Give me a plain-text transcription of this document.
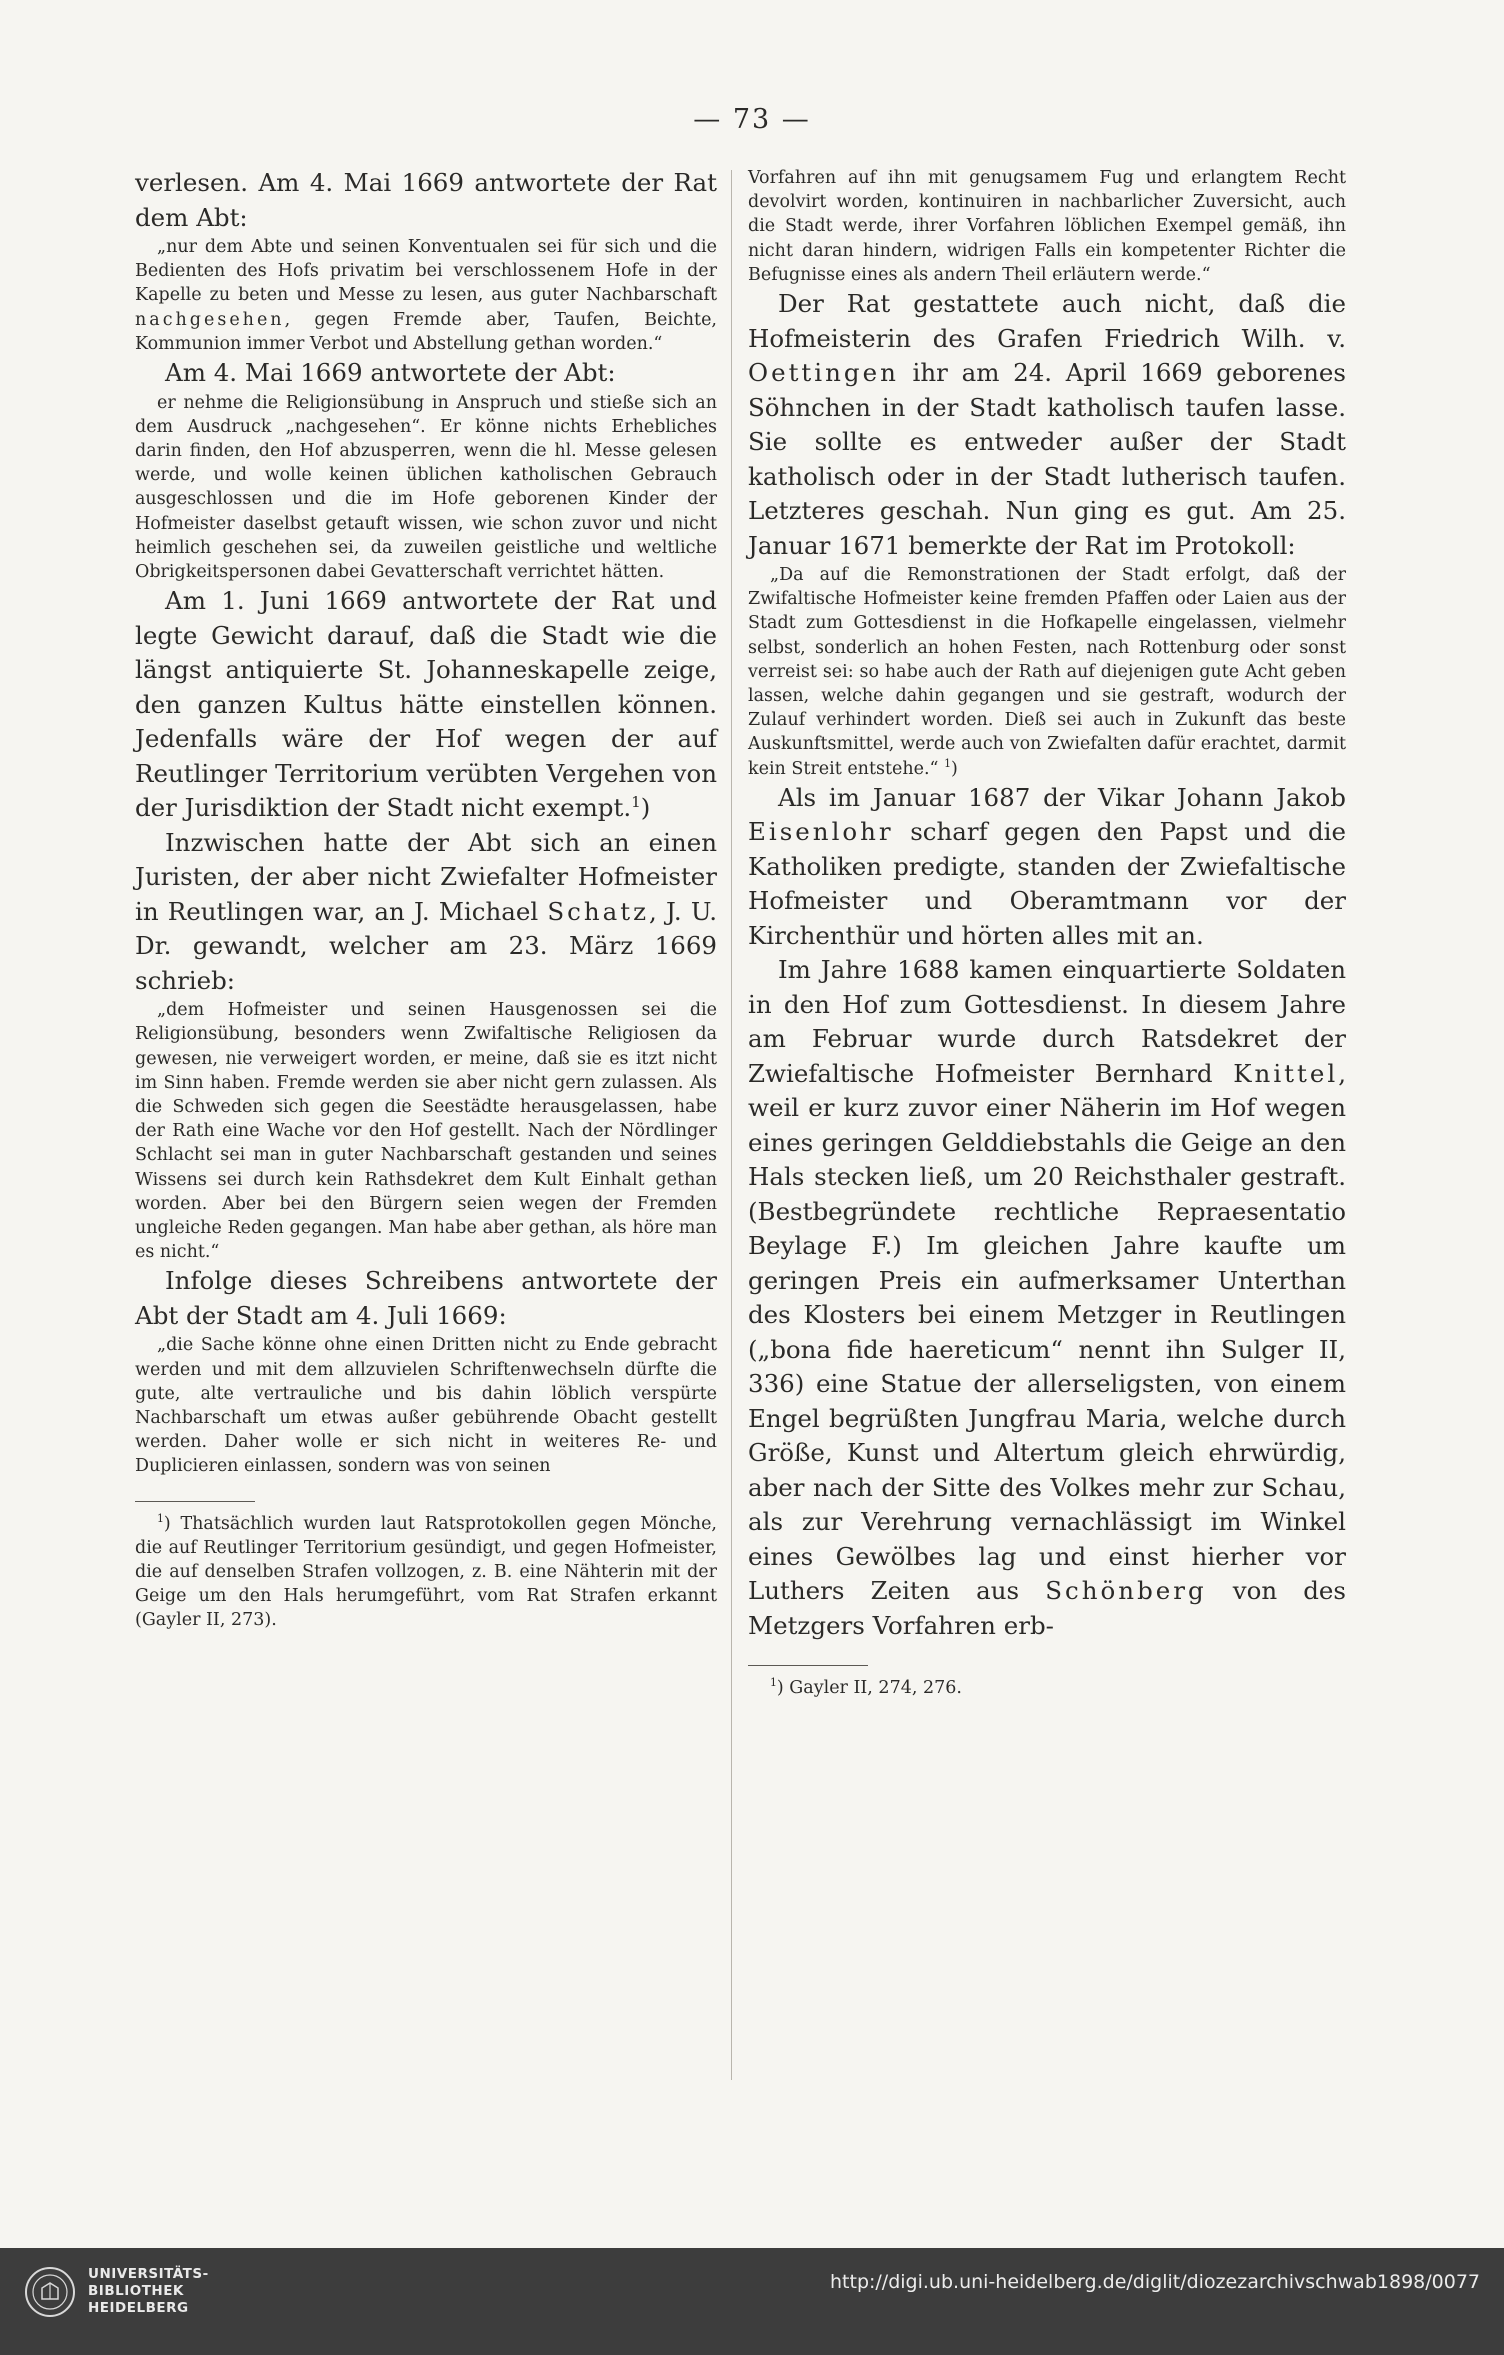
— 73 —

verlesen. Am 4. Mai 1669 antwortete der Rat dem Abt:

„nur dem Abte und seinen Konventualen sei für sich und die Bedienten des Hofs privatim bei verschlossenem Hofe in der Kapelle zu beten und Messe zu lesen, aus guter Nachbarschaft nachgesehen, gegen Fremde aber, Taufen, Beichte, Kommunion immer Verbot und Abstellung gethan worden.“

Am 4. Mai 1669 antwortete der Abt:

er nehme die Religionsübung in Anspruch und stieße sich an dem Ausdruck „nachgesehen“. Er könne nichts Erhebliches darin finden, den Hof abzusperren, wenn die hl. Messe gelesen werde, und wolle keinen üblichen katholischen Gebrauch ausgeschlossen und die im Hofe geborenen Kinder der Hofmeister daselbst getauft wissen, wie schon zuvor und nicht heimlich geschehen sei, da zuweilen geistliche und weltliche Obrigkeitspersonen dabei Gevatterschaft verrichtet hätten.

Am 1. Juni 1669 antwortete der Rat und legte Gewicht darauf, daß die Stadt wie die längst antiquierte St. Johanneskapelle zeige, den ganzen Kultus hätte einstellen können. Jedenfalls wäre der Hof wegen der auf Reutlinger Territorium verübten Vergehen von der Jurisdiktion der Stadt nicht exempt.$^1$)

Inzwischen hatte der Abt sich an einen Juristen, der aber nicht Zwiefalter Hofmeister in Reutlingen war, an J. Michael Schatz, J. U. Dr. gewandt, welcher am 23. März 1669 schrieb:

„dem Hofmeister und seinen Hausgenossen sei die Religionsübung, besonders wenn Zwifaltische Religiosen da gewesen, nie verweigert worden, er meine, daß sie es itzt nicht im Sinn haben. Fremde werden sie aber nicht gern zulassen. Als die Schweden sich gegen die Seestädte herausgelassen, habe der Rath eine Wache vor den Hof gestellt. Nach der Nördlinger Schlacht sei man in guter Nachbarschaft gestanden und seines Wissens sei durch kein Rathsdekret dem Kult Einhalt gethan worden. Aber bei den Bürgern seien wegen der Fremden ungleiche Reden gegangen. Man habe aber gethan, als höre man es nicht.“

Infolge dieses Schreibens antwortete der Abt der Stadt am 4. Juli 1669:

„die Sache könne ohne einen Dritten nicht zu Ende gebracht werden und mit dem allzuvielen Schriftenwechseln dürfte die gute, alte vertrauliche und bis dahin löblich verspürte Nachbarschaft um etwas außer gebührende Obacht gestellt werden. Daher wolle er sich nicht in weiteres Re- und Duplicieren einlassen, sondern was von seinen

$^1$) Thatsächlich wurden laut Ratsprotokollen gegen Mönche, die auf Reutlinger Territorium gesündigt, und gegen Hofmeister, die auf denselben Strafen vollzogen, z. B. eine Nähterin mit der Geige um den Hals herumgeführt, vom Rat Strafen erkannt (Gayler II, 273).

Vorfahren auf ihn mit genugsamem Fug und erlangtem Recht devolvirt worden, kontinuiren in nachbarlicher Zuversicht, auch die Stadt werde, ihrer Vorfahren löblichen Exempel gemäß, ihn nicht daran hindern, widrigen Falls ein kompetenter Richter die Befugnisse eines als andern Theil erläutern werde.“

Der Rat gestattete auch nicht, daß die Hofmeisterin des Grafen Friedrich Wilh. v. Oettingen ihr am 24. April 1669 geborenes Söhnchen in der Stadt katholisch taufen lasse. Sie sollte es entweder außer der Stadt katholisch oder in der Stadt lutherisch taufen. Letzteres geschah. Nun ging es gut. Am 25. Januar 1671 bemerkte der Rat im Protokoll:

„Da auf die Remonstrationen der Stadt erfolgt, daß der Zwifaltische Hofmeister keine fremden Pfaffen oder Laien aus der Stadt zum Gottesdienst in die Hofkapelle eingelassen, vielmehr selbst, sonderlich an hohen Festen, nach Rottenburg oder sonst verreist sei: so habe auch der Rath auf diejenigen gute Acht geben lassen, welche dahin gegangen und sie gestraft, wodurch der Zulauf verhindert worden. Dieß sei auch in Zukunft das beste Auskunftsmittel, werde auch von Zwiefalten dafür erachtet, darmit kein Streit entstehe.“ $^1$)

Als im Januar 1687 der Vikar Johann Jakob Eisenlohr scharf gegen den Papst und die Katholiken predigte, standen der Zwiefaltische Hofmeister und Oberamtmann vor der Kirchenthür und hörten alles mit an.

Im Jahre 1688 kamen einquartierte Soldaten in den Hof zum Gottesdienst. In diesem Jahre am Februar wurde durch Ratsdekret der Zwiefaltische Hofmeister Bernhard Knittel, weil er kurz zuvor einer Näherin im Hof wegen eines geringen Gelddiebstahls die Geige an den Hals stecken ließ, um 20 Reichsthaler gestraft. (Bestbegründete rechtliche Repraesentatio Beylage F.) Im gleichen Jahre kaufte um geringen Preis ein aufmerksamer Unterthan des Klosters bei einem Metzger in Reutlingen („bona fide haereticum“ nennt ihn Sulger II, 336) eine Statue der allerseligsten, von einem Engel begrüßten Jungfrau Maria, welche durch Größe, Kunst und Altertum gleich ehrwürdig, aber nach der Sitte des Volkes mehr zur Schau, als zur Verehrung vernachlässigt im Winkel eines Gewölbes lag und einst hierher vor Luthers Zeiten aus Schönberg von des Metzgers Vorfahren erb-

$^1$) Gayler II, 274, 276.

UNIVERSITÄTS-
BIBLIOTHEK
HEIDELBERG
http://digi.ub.uni-heidelberg.de/diglit/diozezarchivschwab1898/0077
